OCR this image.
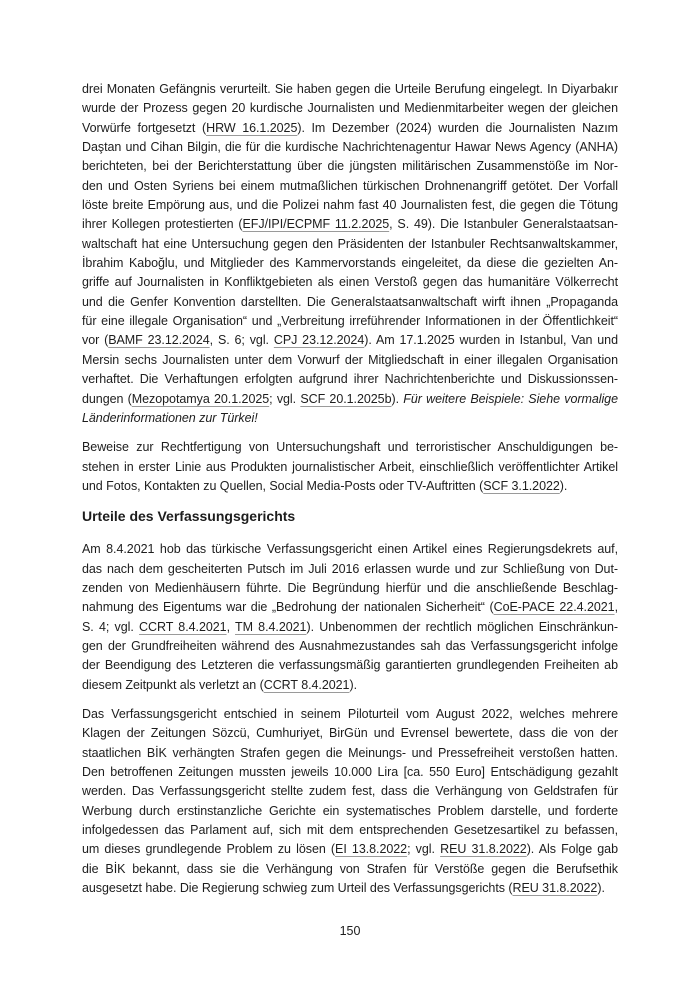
drei Monaten Gefängnis verurteilt. Sie haben gegen die Urteile Berufung eingelegt. In Diyarbakır
wurde der Prozess gegen 20 kurdische Journalisten und Medienmitarbeiter wegen der gleichen
Vorwürfe fortgesetzt (HRW 16.1.2025). Im Dezember (2024) wurden die Journalisten Nazım
Daştan und Cihan Bilgin, die für die kurdische Nachrichtenagentur Hawar News Agency (ANHA)
berichteten, bei der Berichterstattung über die jüngsten militärischen Zusammenstöße im Nor-
den und Osten Syriens bei einem mutmaßlichen türkischen Drohnenangriff getötet. Der Vorfall
löste breite Empörung aus, und die Polizei nahm fast 40 Journalisten fest, die gegen die Tötung
ihrer Kollegen protestierten (EFJ/IPI/ECPMF 11.2.2025, S. 49). Die Istanbuler Generalstaatsan-
waltschaft hat eine Untersuchung gegen den Präsidenten der Istanbuler Rechtsanwaltskammer,
İbrahim Kaboğlu, und Mitglieder des Kammervorstands eingeleitet, da diese die gezielten An-
griffe auf Journalisten in Konfliktgebieten als einen Verstoß gegen das humanitäre Völkerrecht
und die Genfer Konvention darstellten. Die Generalstaatsanwaltschaft wirft ihnen „Propaganda
für eine illegale Organisation“ und „Verbreitung irreführender Informationen in der Öffentlichkeit“
vor (BAMF 23.12.2024, S. 6; vgl. CPJ 23.12.2024). Am 17.1.2025 wurden in Istanbul, Van und
Mersin sechs Journalisten unter dem Vorwurf der Mitgliedschaft in einer illegalen Organisation
verhaftet. Die Verhaftungen erfolgten aufgrund ihrer Nachrichtenberichte und Diskussionssen-
dungen (Mezopotamya 20.1.2025; vgl. SCF 20.1.2025b). Für weitere Beispiele: Siehe vormalige
Länderinformationen zur Türkei!

Beweise zur Rechtfertigung von Untersuchungshaft und terroristischer Anschuldigungen be-
stehen in erster Linie aus Produkten journalistischer Arbeit, einschließlich veröffentlichter Artikel
und Fotos, Kontakten zu Quellen, Social Media-Posts oder TV-Auftritten (SCF 3.1.2022).

Urteile des Verfassungsgerichts

Am 8.4.2021 hob das türkische Verfassungsgericht einen Artikel eines Regierungsdekrets auf,
das nach dem gescheiterten Putsch im Juli 2016 erlassen wurde und zur Schließung von Dut-
zenden von Medienhäusern führte. Die Begründung hierfür und die anschließende Beschlag-
nahmung des Eigentums war die „Bedrohung der nationalen Sicherheit“ (CoE-PACE 22.4.2021,
S. 4; vgl. CCRT 8.4.2021, TM 8.4.2021). Unbenommen der rechtlich möglichen Einschränkun-
gen der Grundfreiheiten während des Ausnahmezustandes sah das Verfassungsgericht infolge
der Beendigung des Letzteren die verfassungsmäßig garantierten grundlegenden Freiheiten ab
diesem Zeitpunkt als verletzt an (CCRT 8.4.2021).

Das Verfassungsgericht entschied in seinem Piloturteil vom August 2022, welches mehrere
Klagen der Zeitungen Sözcü, Cumhuriyet, BirGün und Evrensel bewertete, dass die von der
staatlichen BİK verhängten Strafen gegen die Meinungs- und Pressefreiheit verstoßen hatten.
Den betroffenen Zeitungen mussten jeweils 10.000 Lira [ca. 550 Euro] Entschädigung gezahlt
werden. Das Verfassungsgericht stellte zudem fest, dass die Verhängung von Geldstrafen für
Werbung durch erstinstanzliche Gerichte ein systematisches Problem darstelle, und forderte
infolgedessen das Parlament auf, sich mit dem entsprechenden Gesetzesartikel zu befassen,
um dieses grundlegende Problem zu lösen (EI 13.8.2022; vgl. REU 31.8.2022). Als Folge gab
die BİK bekannt, dass sie die Verhängung von Strafen für Verstöße gegen die Berufsethik
ausgesetzt habe. Die Regierung schwieg zum Urteil des Verfassungsgerichts (REU 31.8.2022).

150
